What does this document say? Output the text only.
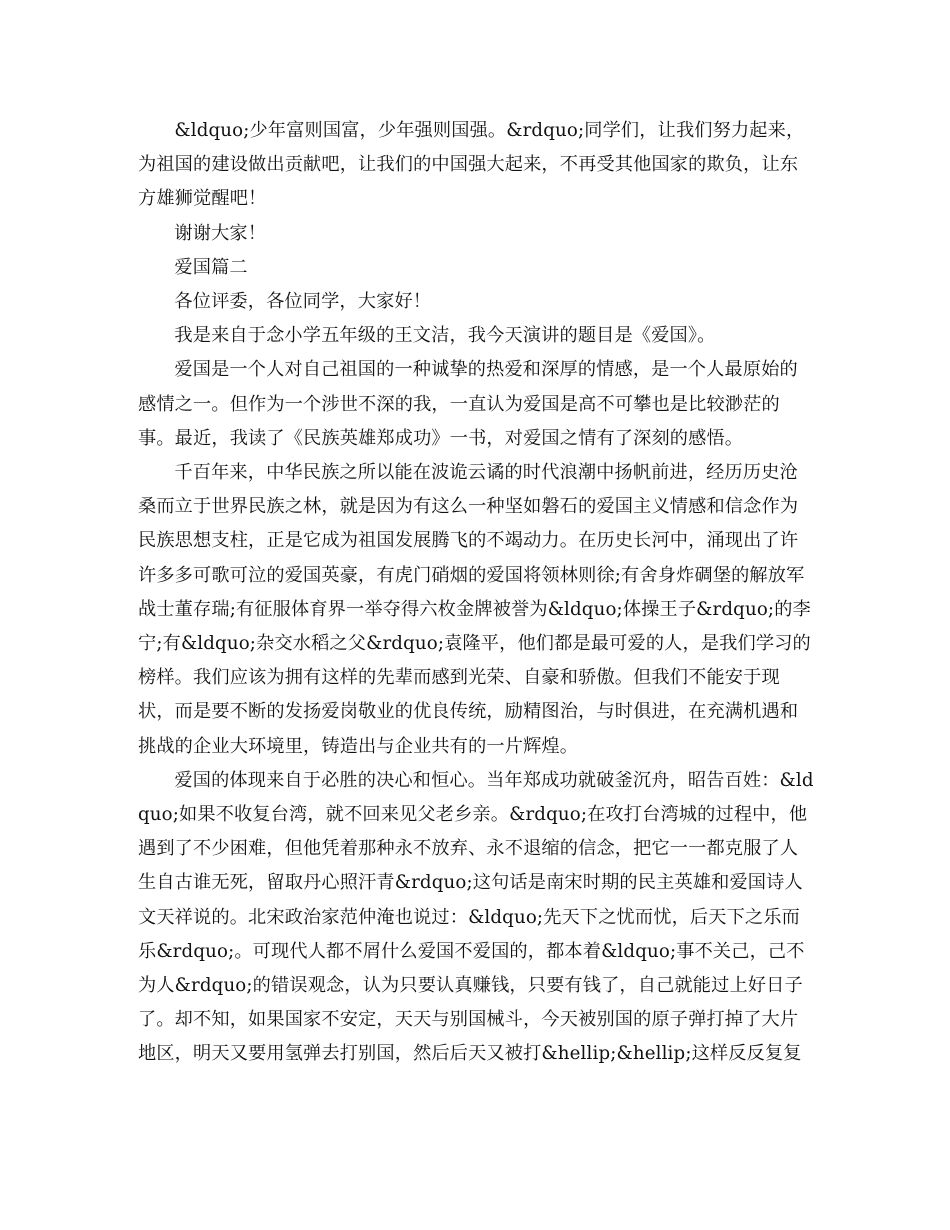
&ldquo;少年富则国富，少年强则国强。&rdquo;同学们，让我们努力起来，为祖国的建设做出贡献吧，让我们的中国强大起来，不再受其他国家的欺负，让东方雄狮觉醒吧！

谢谢大家！

爱国篇二

各位评委，各位同学，大家好！

我是来自于念小学五年级的王文洁，我今天演讲的题目是《爱国》。

爱国是一个人对自己祖国的一种诚挚的热爱和深厚的情感，是一个人最原始的感情之一。但作为一个涉世不深的我，一直认为爱国是高不可攀也是比较渺茫的事。最近，我读了《民族英雄郑成功》一书，对爱国之情有了深刻的感悟。

千百年来，中华民族之所以能在波诡云谲的时代浪潮中扬帆前进，经历历史沧桑而立于世界民族之林，就是因为有这么一种坚如磐石的爱国主义情感和信念作为民族思想支柱，正是它成为祖国发展腾飞的不竭动力。在历史长河中，涌现出了许许多多可歌可泣的爱国英豪，有虎门硝烟的爱国将领林则徐;有舍身炸碉堡的解放军战士董存瑞;有征服体育界一举夺得六枚金牌被誉为&ldquo;体操王子&rdquo;的李宁;有&ldquo;杂交水稻之父&rdquo;袁隆平，他们都是最可爱的人，是我们学习的榜样。我们应该为拥有这样的先辈而感到光荣、自豪和骄傲。但我们不能安于现状，而是要不断的发扬爱岗敬业的优良传统，励精图治，与时俱进，在充满机遇和挑战的企业大环境里，铸造出与企业共有的一片辉煌。

爱国的体现来自于必胜的决心和恒心。当年郑成功就破釜沉舟，昭告百姓：&ldquo;如果不收复台湾，就不回来见父老乡亲。&rdquo;在攻打台湾城的过程中，他遇到了不少困难，但他凭着那种永不放弃、永不退缩的信念，把它一一都克服了人生自古谁无死，留取丹心照汗青&rdquo;这句话是南宋时期的民主英雄和爱国诗人文天祥说的。北宋政治家范仲淹也说过：&ldquo;先天下之忧而忧，后天下之乐而乐&rdquo;。可现代人都不屑什么爱国不爱国的，都本着&ldquo;事不关己，己不为人&rdquo;的错误观念，认为只要认真赚钱，只要有钱了，自己就能过上好日子了。却不知，如果国家不安定，天天与别国械斗，今天被别国的原子弹打掉了大片地区，明天又要用氢弹去打别国，然后后天又被打&hellip;&hellip;这样反反复复
